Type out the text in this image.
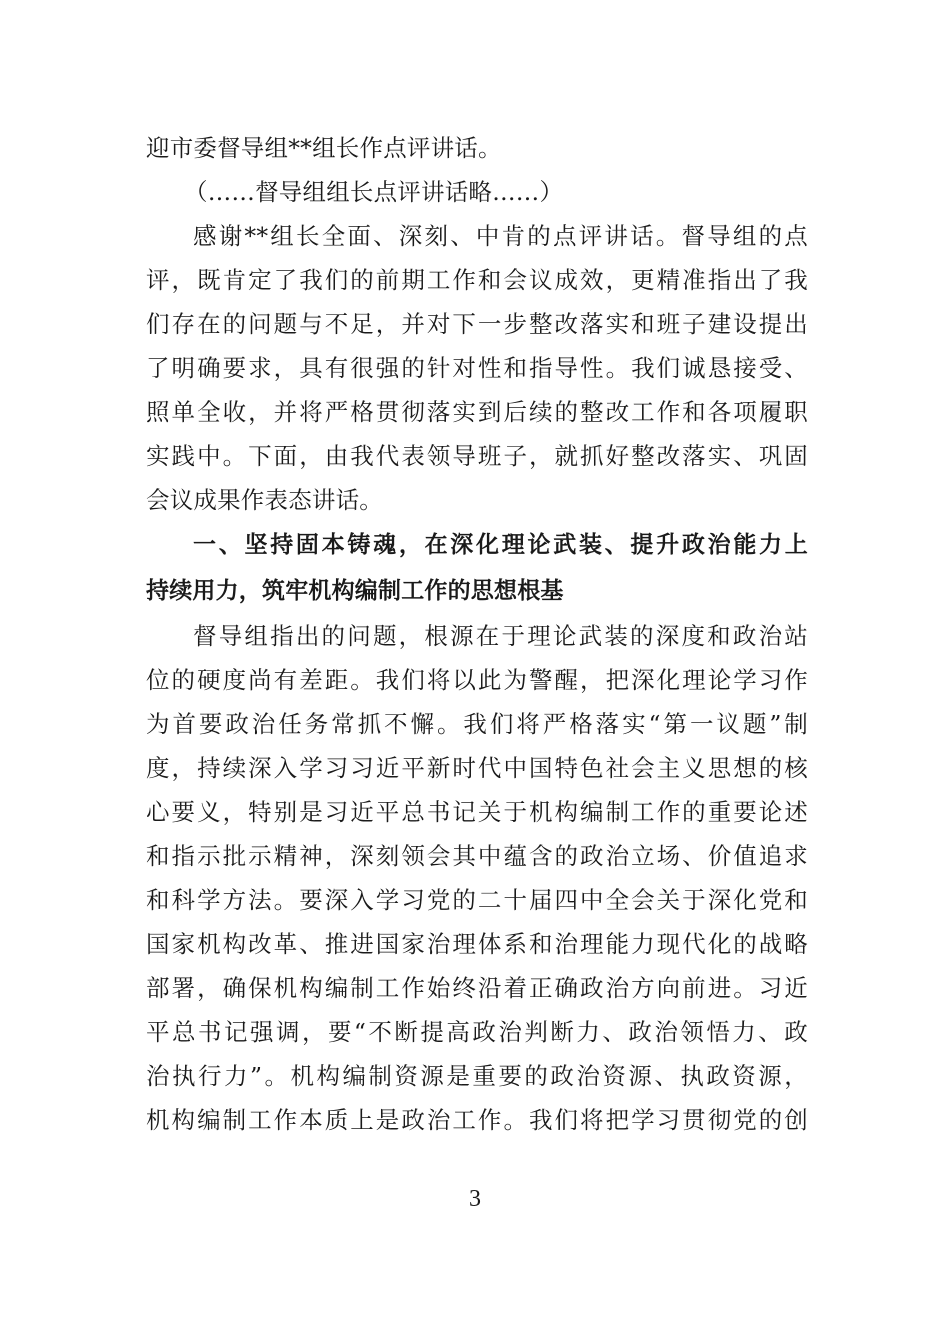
迎市委督导组**组长作点评讲话。
（……督导组组长点评讲话略……）
感谢**组长全面、深刻、中肯的点评讲话。督导组的点
评，既肯定了我们的前期工作和会议成效，更精准指出了我
们存在的问题与不足，并对下一步整改落实和班子建设提出
了明确要求，具有很强的针对性和指导性。我们诚恳接受、
照单全收，并将严格贯彻落实到后续的整改工作和各项履职
实践中。下面，由我代表领导班子，就抓好整改落实、巩固
会议成果作表态讲话。
一、坚持固本铸魂，在深化理论武装、提升政治能力上
持续用力，筑牢机构编制工作的思想根基
督导组指出的问题，根源在于理论武装的深度和政治站
位的硬度尚有差距。我们将以此为警醒，把深化理论学习作
为首要政治任务常抓不懈。我们将严格落实“第一议题”制
度，持续深入学习习近平新时代中国特色社会主义思想的核
心要义，特别是习近平总书记关于机构编制工作的重要论述
和指示批示精神，深刻领会其中蕴含的政治立场、价值追求
和科学方法。要深入学习党的二十届四中全会关于深化党和
国家机构改革、推进国家治理体系和治理能力现代化的战略
部署，确保机构编制工作始终沿着正确政治方向前进。习近
平总书记强调，要“不断提高政治判断力、政治领悟力、政
治执行力”。机构编制资源是重要的政治资源、执政资源，
机构编制工作本质上是政治工作。我们将把学习贯彻党的创
3
